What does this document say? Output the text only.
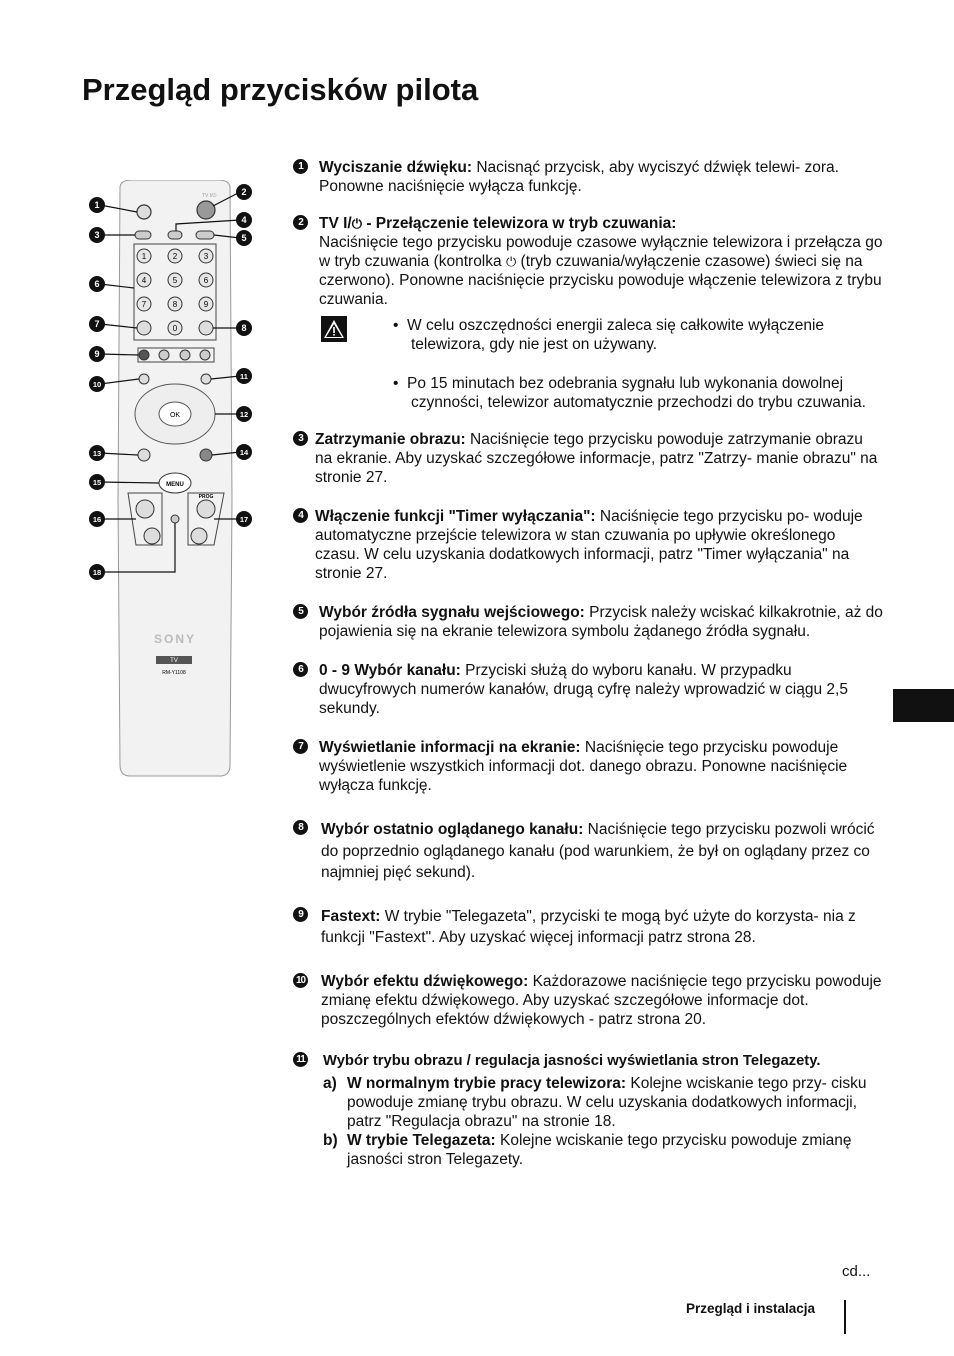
Przegląd przycisków pilota
TV I/⏻
1	2	3
4	5	6
7	8	9
0
OK
MENU
PROG
SONY
TV
RM-Y1108
1
2
3
4
5
6
7	8
9
10
11
12
13	14
15
16	17
18
1	Wyciszanie dźwięku: Nacisnąć przycisk, aby wyciszyć dźwięk telewi- zora. Ponowne naciśnięcie wyłącza funkcję.
2	TV I/⏻ - Przełączenie telewizora w tryb czuwania:
Naciśnięcie tego przycisku powoduje czasowe wyłącznie telewizora i przełącza go w tryb czuwania (kontrolka ⏻ (tryb czuwania/wyłączenie czasowe) świeci się na czerwono). Ponowne naciśnięcie przycisku powoduje włączenie telewizora z trybu czuwania.
•  W celu oszczędności energii zaleca się całkowite wyłączenie telewizora, gdy nie jest on używany.
•  Po 15 minutach bez odebrania sygnału lub wykonania dowolnej czynności, telewizor automatycznie przechodzi do trybu czuwania.
3 Zatrzymanie obrazu: Naciśnięcie tego przycisku powoduje zatrzymanie obrazu na ekranie. Aby uzyskać szczegółowe informacje, patrz "Zatrzy- manie obrazu" na stronie 27.
4 Włączenie funkcji "Timer wyłączania": Naciśnięcie tego przycisku po- woduje automatyczne przejście telewizora w stan czuwania po upływie określonego czasu. W celu uzyskania dodatkowych informacji, patrz "Timer wyłączania" na stronie 27.
5	Wybór źródła sygnału wejściowego: Przycisk należy wciskać kilkakrotnie, aż do pojawienia się na ekranie telewizora symbolu żądanego źródła sygnału.
6	0 - 9 Wybór kanału: Przyciski służą do wyboru kanału. W przypadku dwucyfrowych numerów kanałów, drugą cyfrę należy wprowadzić w ciągu 2,5 sekundy.
7	Wyświetlanie informacji na ekranie: Naciśnięcie tego przycisku powoduje wyświetlenie wszystkich informacji dot. danego obrazu. Ponowne naciśnięcie wyłącza funkcję.
8	Wybór ostatnio oglądanego kanału: Naciśnięcie tego przycisku pozwoli wrócić do poprzednio oglądanego kanału (pod warunkiem, że był on oglądany przez co najmniej pięć sekund).
9	Fastext: W trybie "Telegazeta", przyciski te mogą być użyte do korzysta- nia z funkcji "Fastext". Aby uzyskać więcej informacji patrz strona 28.
10 Wybór efektu dźwiękowego: Każdorazowe naciśnięcie tego przycisku powoduje zmianę efektu dźwiękowego. Aby uzyskać szczegółowe informacje dot. poszczególnych efektów dźwiękowych - patrz strona 20.
11 Wybór trybu obrazu / regulacja jasności wyświetlania stron Telegazety.
a) W normalnym trybie pracy telewizora: Kolejne wciskanie tego przy- cisku powoduje zmianę trybu obrazu. W celu uzyskania dodatkowych informacji, patrz "Regulacja obrazu" na stronie 18.
b) W trybie Telegazeta: Kolejne wciskanie tego przycisku powoduje zmianę jasności stron Telegazety.
cd...
Przegląd i instalacja
